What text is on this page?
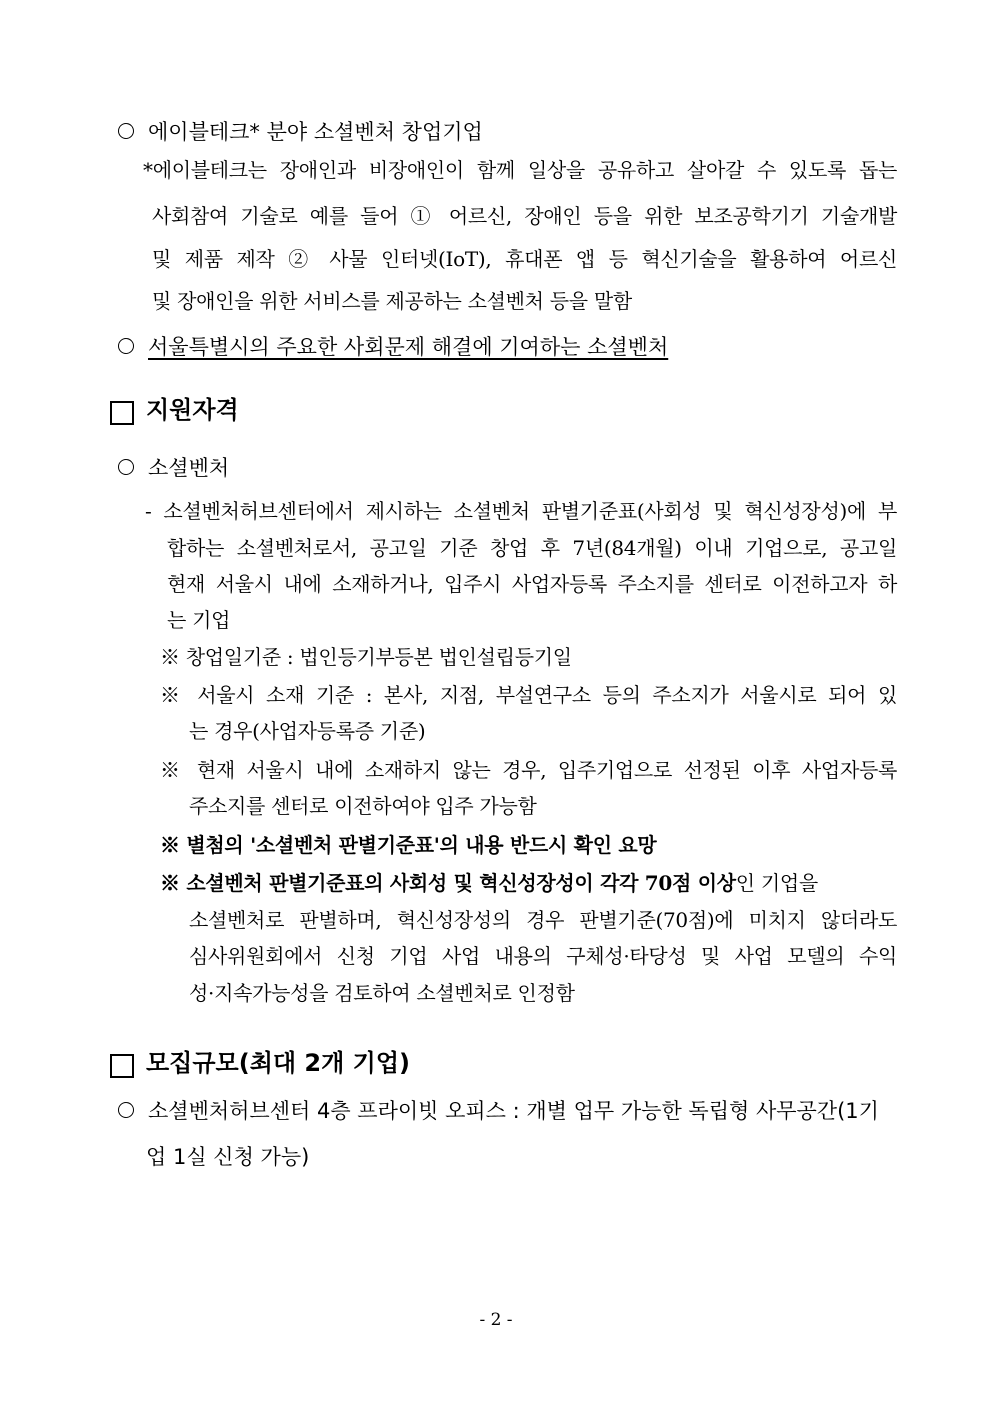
에이블테크* 분야 소셜벤처 창업기업
*에이블테크는 장애인과 비장애인이 함께 일상을 공유하고 살아갈 수 있도록 돕는
사회참여 기술로 예를 들어 ① 어르신, 장애인 등을 위한 보조공학기기 기술개발
및 제품 제작 ② 사물 인터넷(IoT), 휴대폰 앱 등 혁신기술을 활용하여 어르신
및 장애인을 위한 서비스를 제공하는 소셜벤처 등을 말함
서울특별시의 주요한 사회문제 해결에 기여하는 소셜벤처
지원자격
소셜벤처
- 소셜벤처허브센터에서 제시하는 소셜벤처 판별기준표(사회성 및 혁신성장성)에 부
합하는 소셜벤처로서, 공고일 기준 창업 후 7년(84개월) 이내 기업으로, 공고일
현재 서울시 내에 소재하거나, 입주시 사업자등록 주소지를 센터로 이전하고자 하
는 기업
※ 창업일기준 : 법인등기부등본 법인설립등기일
※ 서울시 소재 기준 : 본사, 지점, 부설연구소 등의 주소지가 서울시로 되어 있
는 경우(사업자등록증 기준)
※ 현재 서울시 내에 소재하지 않는 경우, 입주기업으로 선정된 이후 사업자등록
주소지를 센터로 이전하여야 입주 가능함
※ 별첨의 '소셜벤처 판별기준표'의 내용 반드시 확인 요망
※ 소셜벤처 판별기준표의 사회성 및 혁신성장성이 각각 70점 이상인 기업을
소셜벤처로 판별하며, 혁신성장성의 경우 판별기준(70점)에 미치지 않더라도
심사위원회에서 신청 기업 사업 내용의 구체성·타당성 및 사업 모델의 수익
성·지속가능성을 검토하여 소셜벤처로 인정함
모집규모(최대 2개 기업)
소셜벤처허브센터 4층 프라이빗 오피스 : 개별 업무 가능한 독립형 사무공간(1기
업 1실 신청 가능)
- 2 -
